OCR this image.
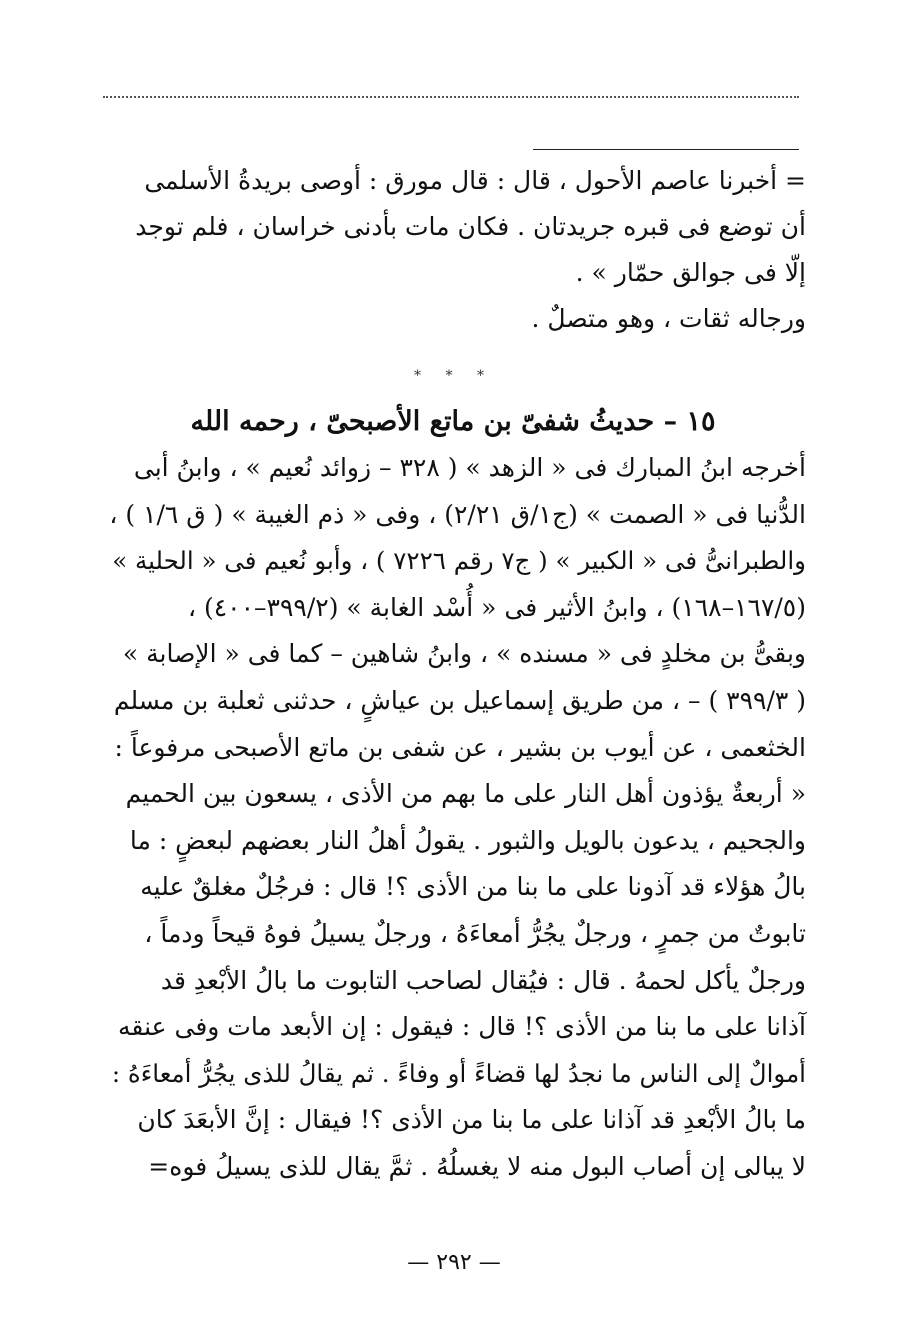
= أخبرنا عاصم الأحول ، قال : قال مورق : أوصى بريدةُ الأسلمى
أن توضع فى قبره جريدتان . فكان مات بأدنى خراسان ، فلم توجد
إلّا فى جوالق حمّار » .
ورجاله ثقات ، وهو متصلٌ .
* * *
١٥ – حديثُ شفىّ بن ماتع الأصبحىّ ، رحمه الله
أخرجه ابنُ المبارك فى « الزهد » ( ٣٢٨ – زوائد نُعيم » ، وابنُ أبى
الدُّنيا فى « الصمت » (ج١/ق ٢/٢١) ، وفى « ذم الغيبة » ( ق ١/٦ ) ،
والطبرانىُّ فى « الكبير » ( ج٧ رقم ٧٢٢٦ ) ، وأبو نُعيم فى « الحلية »
(١٦٧/٥–١٦٨) ، وابنُ الأثير فى « أُسْد الغابة » (٣٩٩/٢–٤٠٠) ،
وبقىُّ بن مخلدٍ فى « مسنده » ، وابنُ شاهين – كما فى « الإصابة »
( ٣٩٩/٣ ) – ، من طريق إسماعيل بن عياشٍ ، حدثنى ثعلبة بن مسلم
الخثعمى ، عن أيوب بن بشير ، عن شفى بن ماتع الأصبحى مرفوعاً :
« أربعةٌ يؤذون أهل النار على ما بهم من الأذى ، يسعون بين الحميم
والجحيم ، يدعون بالويل والثبور . يقولُ أهلُ النار بعضهم لبعضٍ : ما
بالُ هؤلاء قد آذونا على ما بنا من الأذى ؟! قال : فرجُلٌ مغلقٌ عليه
تابوتٌ من جمرٍ ، ورجلٌ يجُرُّ أمعاءَهُ ، ورجلٌ يسيلُ فوهُ قيحاً ودماً ،
ورجلٌ يأكل لحمهُ . قال : فيُقال لصاحب التابوت ما بالُ الأبْعدِ قد
آذانا على ما بنا من الأذى ؟! قال : فيقول : إن الأبعد مات وفى عنقه
أموالٌ إلى الناس ما نجدُ لها قضاءً أو وفاءً . ثم يقالُ للذى يجُرُّ أمعاءَهُ :
ما بالُ الأبْعدِ قد آذانا على ما بنا من الأذى ؟! فيقال : إنَّ الأبعَدَ كان
لا يبالى إن أصاب البول منه لا يغسلُهُ . ثمَّ يقال للذى يسيلُ فوه=
— ٢٩٢ —
